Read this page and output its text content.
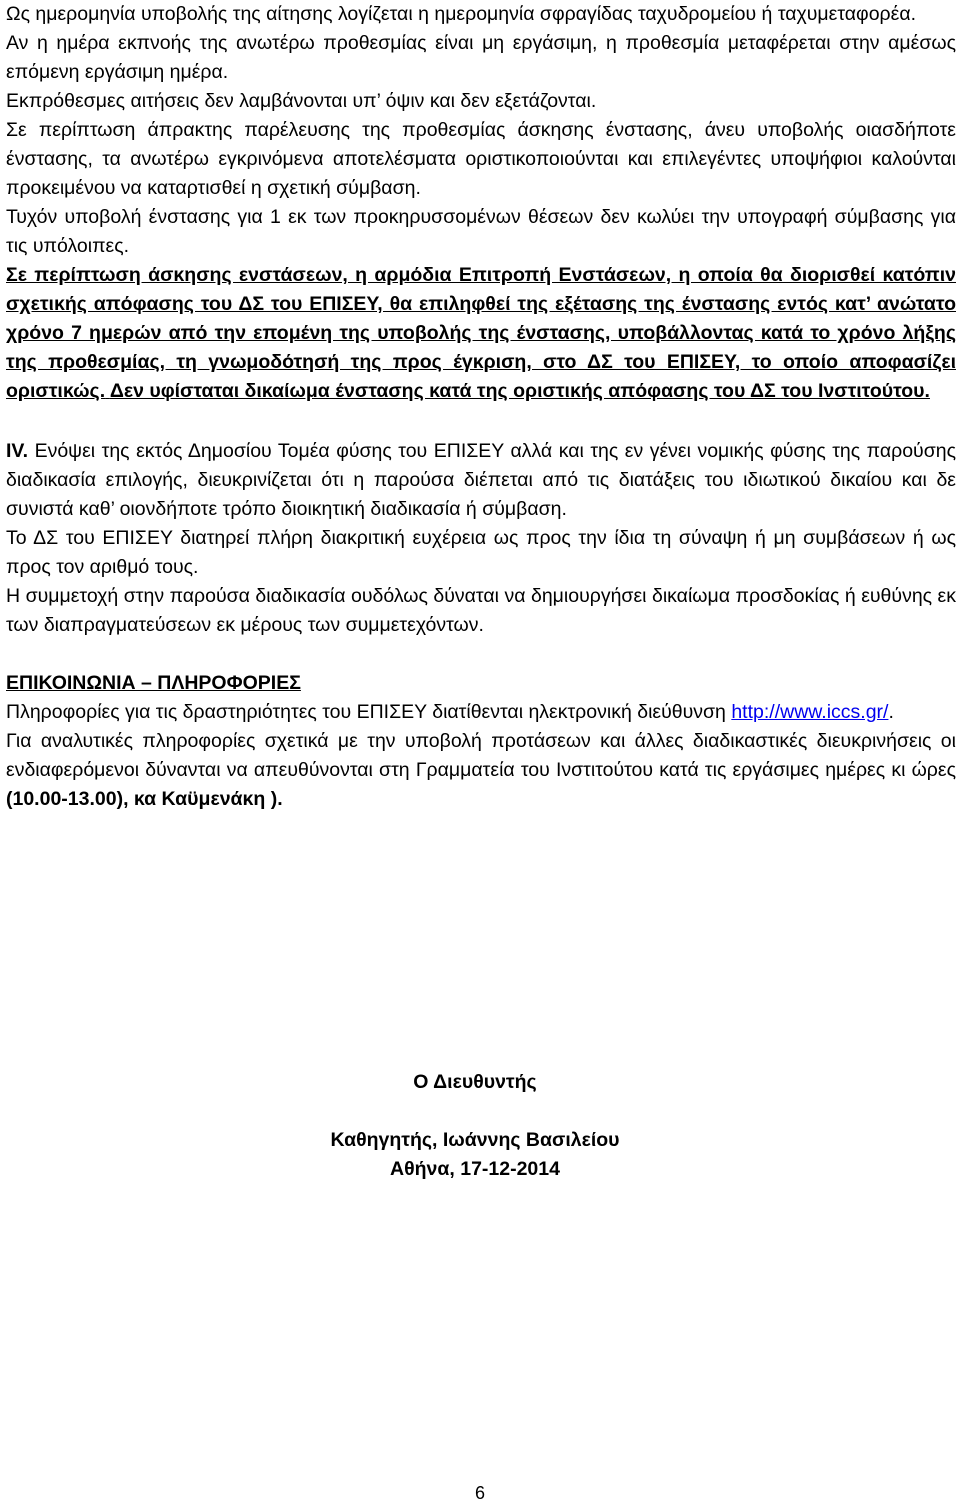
Ως ημερομηνία υποβολής της αίτησης λογίζεται η ημερομηνία σφραγίδας ταχυδρομείου ή ταχυμεταφορέα.

Αν η ημέρα εκπνοής της ανωτέρω προθεσμίας είναι μη εργάσιμη, η προθεσμία μεταφέρεται στην αμέσως επόμενη εργάσιμη ημέρα.

Εκπρόθεσμες αιτήσεις δεν λαμβάνονται υπ’ όψιν και δεν εξετάζονται.

Σε περίπτωση άπρακτης παρέλευσης της προθεσμίας άσκησης ένστασης, άνευ υποβολής οιασδήποτε ένστασης, τα ανωτέρω εγκρινόμενα αποτελέσματα οριστικοποιούνται και επιλεγέντες υποψήφιοι καλούνται προκειμένου να καταρτισθεί η σχετική σύμβαση.

Τυχόν υποβολή ένστασης για 1 εκ των προκηρυσσομένων θέσεων δεν κωλύει την υπογραφή σύμβασης για τις υπόλοιπες.

Σε περίπτωση άσκησης ενστάσεων, η αρμόδια Επιτροπή Ενστάσεων, η οποία θα διορισθεί κατόπιν σχετικής απόφασης του ΔΣ του ΕΠΙΣΕΥ, θα επιληφθεί της εξέτασης της ένστασης εντός κατ’ ανώτατο χρόνο 7 ημερών από την επομένη της υποβολής της ένστασης, υποβάλλοντας κατά το χρόνο λήξης της προθεσμίας, τη γνωμοδότησή της προς έγκριση, στο ΔΣ του ΕΠΙΣΕΥ, το οποίο αποφασίζει οριστικώς. Δεν υφίσταται δικαίωμα ένστασης κατά της οριστικής απόφασης του ΔΣ του Ινστιτούτου.

IV. Ενόψει της εκτός Δημοσίου Τομέα φύσης του ΕΠΙΣΕΥ αλλά και της εν γένει νομικής φύσης της παρούσης διαδικασία επιλογής, διευκρινίζεται ότι η παρούσα διέπεται από τις διατάξεις του ιδιωτικού δικαίου και δε συνιστά καθ’ οιονδήποτε τρόπο διοικητική διαδικασία ή σύμβαση.

Το ΔΣ του ΕΠΙΣΕΥ διατηρεί πλήρη διακριτική ευχέρεια ως προς την ίδια τη σύναψη ή μη συμβάσεων ή ως προς τον αριθμό τους.

Η συμμετοχή στην παρούσα διαδικασία ουδόλως δύναται να δημιουργήσει δικαίωμα προσδοκίας ή ευθύνης εκ των διαπραγματεύσεων εκ μέρους των συμμετεχόντων.

ΕΠΙΚΟΙΝΩΝΙΑ – ΠΛΗΡΟΦΟΡΙΕΣ

Πληροφορίες για τις δραστηριότητες του ΕΠΙΣΕΥ διατίθενται ηλεκτρονική διεύθυνση http://www.iccs.gr/.

Για αναλυτικές πληροφορίες σχετικά με την υποβολή προτάσεων και άλλες διαδικαστικές διευκρινήσεις οι ενδιαφερόμενοι δύνανται να απευθύνονται στη Γραμματεία του Ινστιτούτου κατά τις εργάσιμες ημέρες κι ώρες (10.00-13.00), κα Καϋμενάκη ).

Ο Διευθυντής

Καθηγητής, Ιωάννης Βασιλείου

Αθήνα, 17-12-2014

6
